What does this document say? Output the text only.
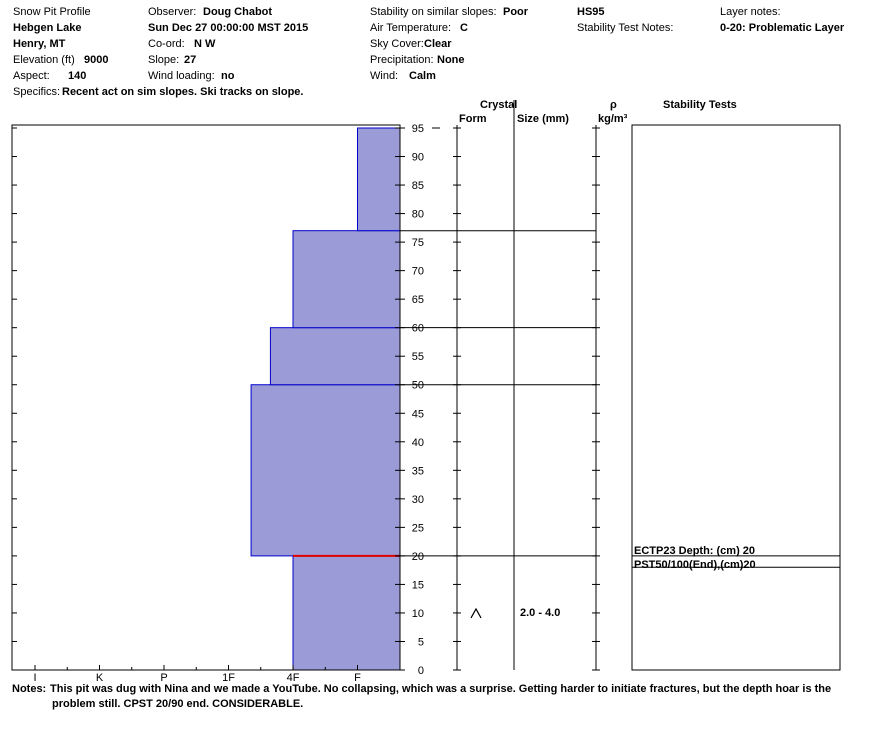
Snow Pit Profile
Hebgen Lake
Henry, MT
Elevation (ft) 9000
Aspect: 140
Specifics: Recent act on sim slopes. Ski tracks on slope.
Observer: Doug Chabot
Sun Dec 27 00:00:00 MST 2015
Co-ord: N W
Slope: 27
Wind loading: no
Stability on similar slopes: Poor
Air Temperature: C
Sky Cover: Clear
Precipitation: None
Wind: Calm
HS95
Stability Test Notes:
Layer notes:
0-20: Problematic Layer
Crystal
Form	Size (mm)
ρ
kg/m³
Stability Tests
0
5
10
15
20
25
30
35
40
45
50
55
60
65
70
75
80
85
90
95
I	K	P	1F	4F	F
2.0 - 4.0
ECTP23 Depth: (cm) 20
PST50/100(End),(cm)20
Notes: This pit was dug with Nina and we made a YouTube. No collapsing, which was a surprise. Getting harder to initiate fractures, but the depth hoar is the
problem still. CPST 20/90 end. CONSIDERABLE.
